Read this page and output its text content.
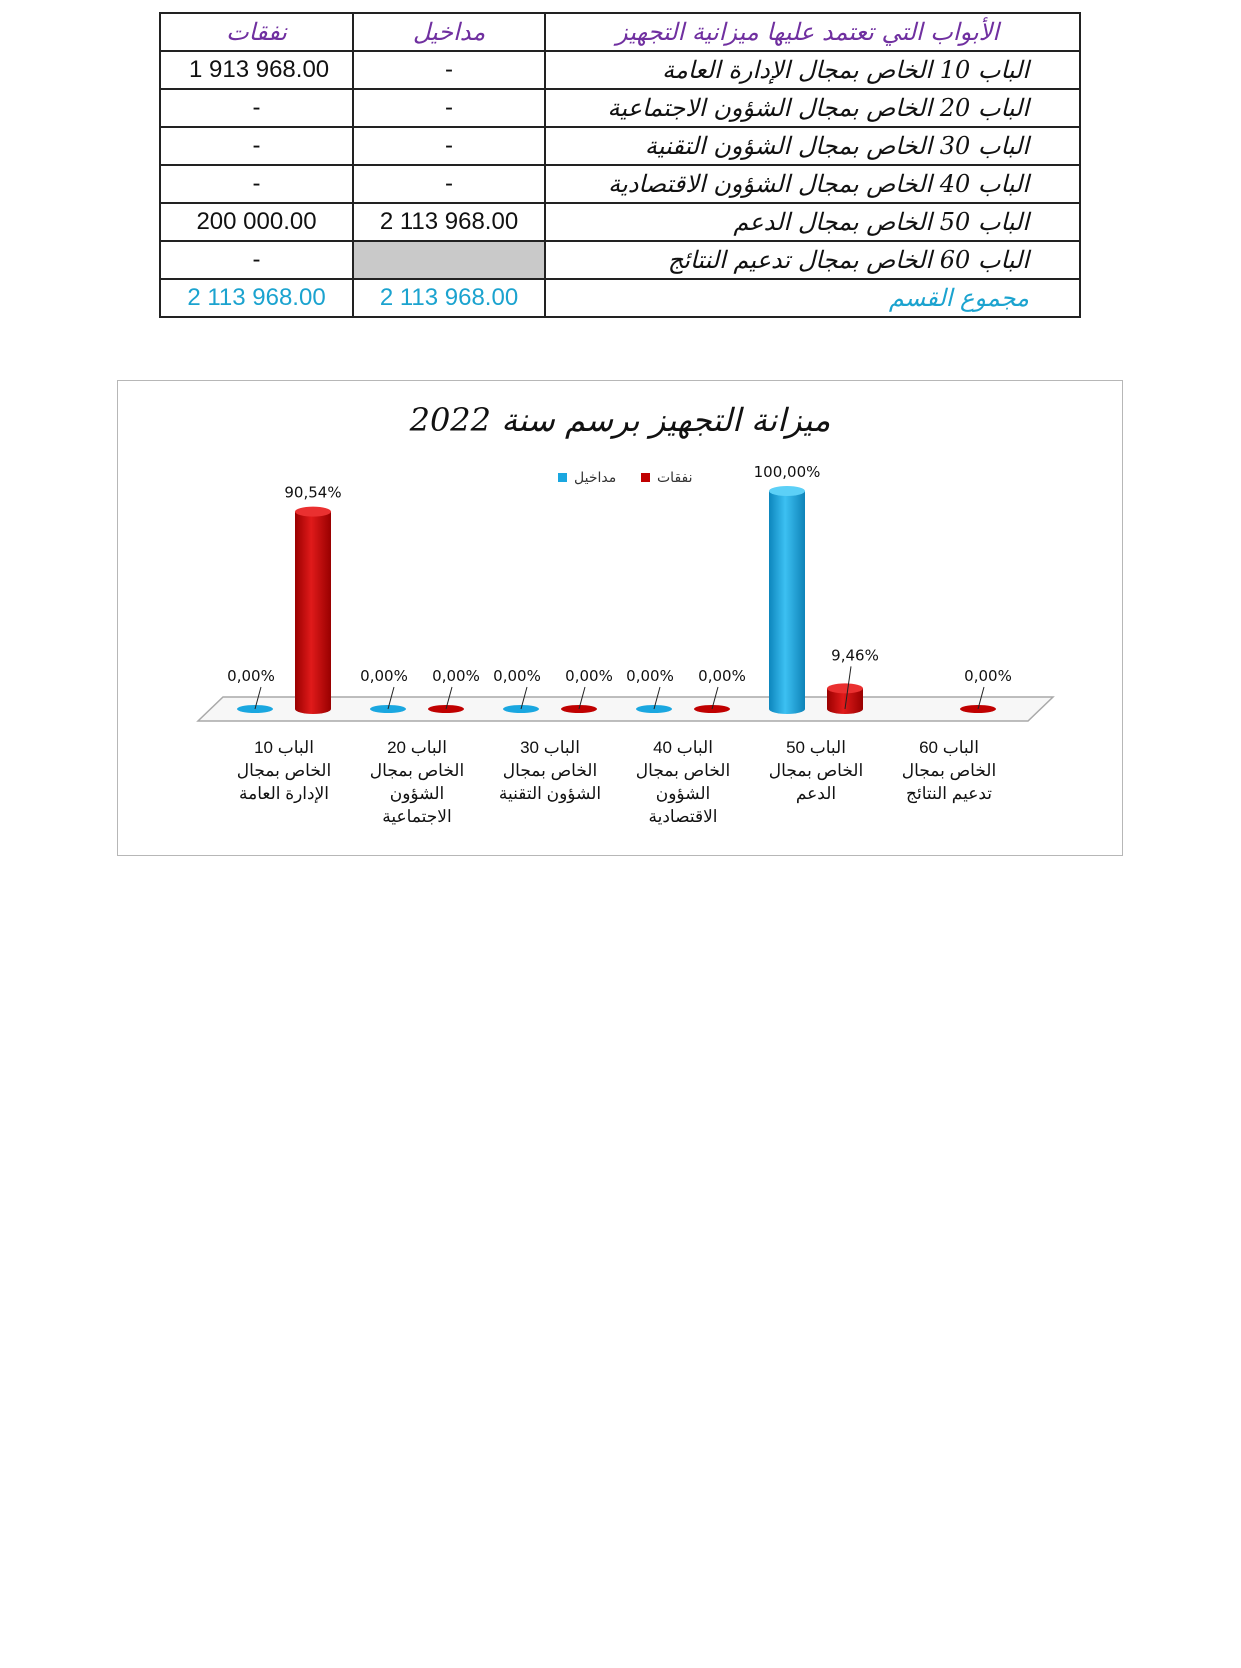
نفقات	مداخيل	الأبواب التي تعتمد عليها ميزانية التجهيز
1 913 968.00	-	الباب 10 الخاص بمجال الإدارة العامة
-	-	الباب 20 الخاص بمجال الشؤون الاجتماعية
-	-	الباب 30 الخاص بمجال الشؤون التقنية
-	-	الباب 40 الخاص بمجال الشؤون الاقتصادية
200 000.00	2 113 968.00	الباب 50 الخاص بمجال الدعم
-		الباب 60 الخاص بمجال تدعيم النتائج
2 113 968.00	2 113 968.00	مجموع القسم
ميزانة التجهيز برسم سنة 2022
مداخيل	نفقات
0,00%
90,54%
0,00% 0,00% 0,00% 0,00% 0,00% 0,00%
100,00%
9,46%
0,00%
الباب 10 الخاص بمجال الإدارة العامة
الباب 20 الخاص بمجال الشؤون الاجتماعية
الباب 30 الخاص بمجال الشؤون التقنية
الباب 40 الخاص بمجال الشؤون الاقتصادية
الباب 50 الخاص بمجال الدعم
الباب 60 الخاص بمجال تدعيم النتائج
